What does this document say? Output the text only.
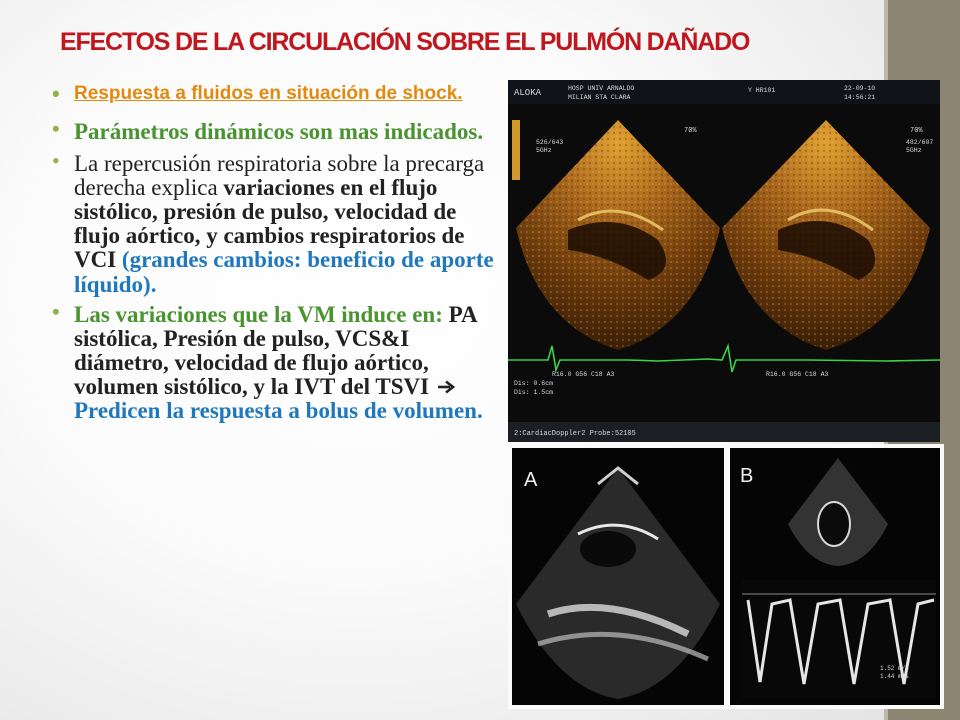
EFECTOS DE LA CIRCULACIÓN SOBRE EL PULMÓN DAÑADO
• Respuesta a fluidos en situación de shock.
• Parámetros dinámicos son mas indicados.
• La repercusión respiratoria sobre la precarga derecha explica variaciones en el flujo sistólico, presión de pulso, velocidad de flujo aórtico, y cambios respiratorios de VCI (grandes cambios: beneficio de aporte líquido).
• Las variaciones que la VM induce en: PA sistólica, Presión de pulso, VCS&I diámetro, velocidad de flujo aórtico, volumen sistólico, y la IVT del TSVIPredicen la respuesta a bolus de volumen.
ALOKA	HOSP UNIV ARNALDO
MILIAN STA CLARA
Y HR101	22-09-10
14:56:21
526/643
5GHz
482/607
5GHz
70%	70%
R16.0 G56 C18 A3	R16.0 G56 C18 A3
Dis: 0.6cm
Dis: 1.5cm
2:CardiacDoppler2 Probe:52105
A	B
1.52 m/s
1.44 m/s
